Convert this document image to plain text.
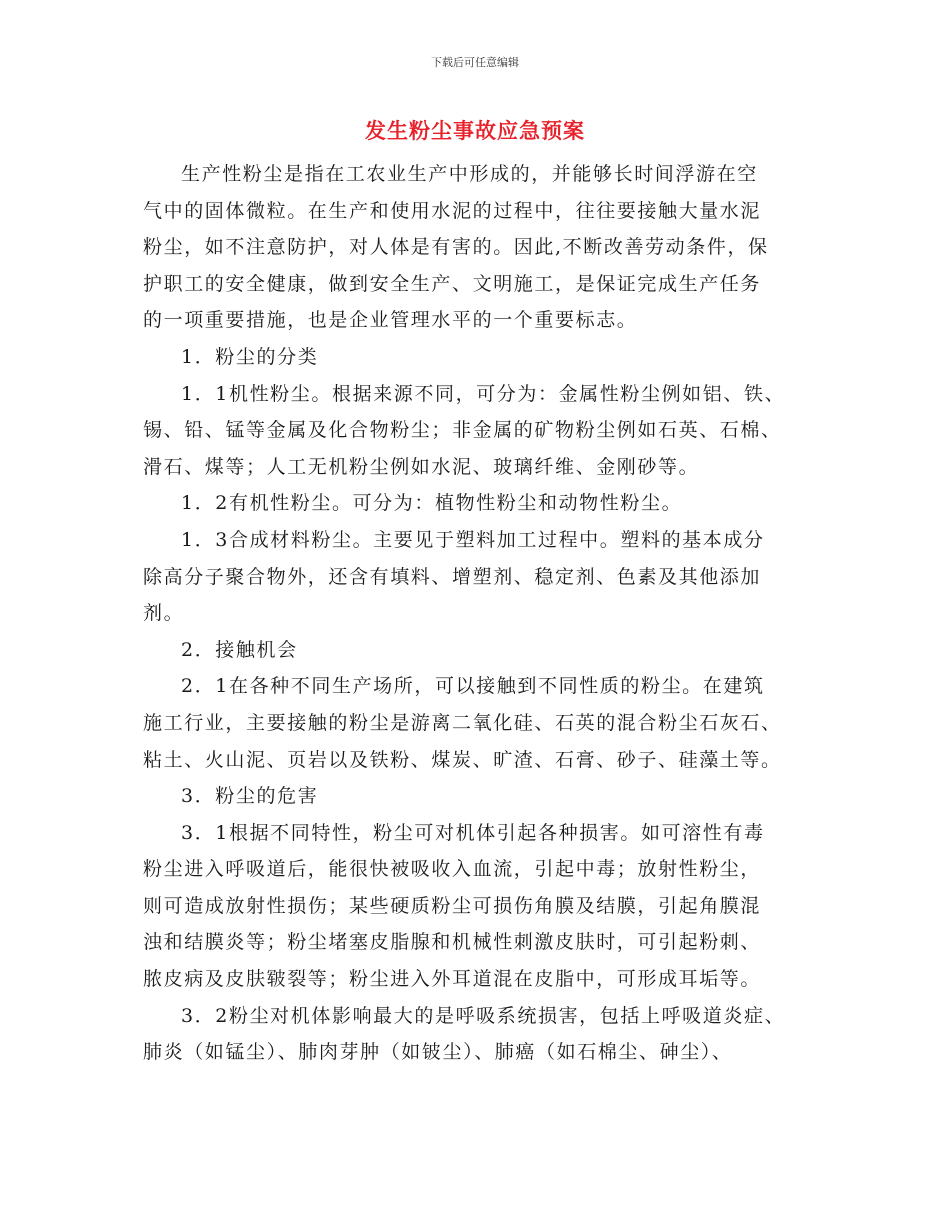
下载后可任意编辑
发生粉尘事故应急预案
生产性粉尘是指在工农业生产中形成的，并能够长时间浮游在空
气中的固体微粒。在生产和使用水泥的过程中，往往要接触大量水泥
粉尘，如不注意防护，对人体是有害的。因此,不断改善劳动条件，保
护职工的安全健康，做到安全生产、文明施工，是保证完成生产任务
的一项重要措施，也是企业管理水平的一个重要标志。
1．粉尘的分类
1．1机性粉尘。根据来源不同，可分为：金属性粉尘例如铝、铁、
锡、铅、锰等金属及化合物粉尘；非金属的矿物粉尘例如石英、石棉、
滑石、煤等；人工无机粉尘例如水泥、玻璃纤维、金刚砂等。
1．2有机性粉尘。可分为：植物性粉尘和动物性粉尘。
1．3合成材料粉尘。主要见于塑料加工过程中。塑料的基本成分
除高分子聚合物外，还含有填料、增塑剂、稳定剂、色素及其他添加
剂。
2．接触机会
2．1在各种不同生产场所，可以接触到不同性质的粉尘。在建筑
施工行业，主要接触的粉尘是游离二氧化硅、石英的混合粉尘石灰石、
粘土、火山泥、页岩以及铁粉、煤炭、旷渣、石膏、砂子、硅藻土等。
3．粉尘的危害
3．1根据不同特性，粉尘可对机体引起各种损害。如可溶性有毒
粉尘进入呼吸道后，能很快被吸收入血流，引起中毒；放射性粉尘，
则可造成放射性损伤；某些硬质粉尘可损伤角膜及结膜，引起角膜混
浊和结膜炎等；粉尘堵塞皮脂腺和机械性刺激皮肤时，可引起粉刺、
脓皮病及皮肤皲裂等；粉尘进入外耳道混在皮脂中，可形成耳垢等。
3．2粉尘对机体影响最大的是呼吸系统损害，包括上呼吸道炎症、
肺炎（如锰尘）、肺肉芽肿（如铍尘）、肺癌（如石棉尘、砷尘）、
